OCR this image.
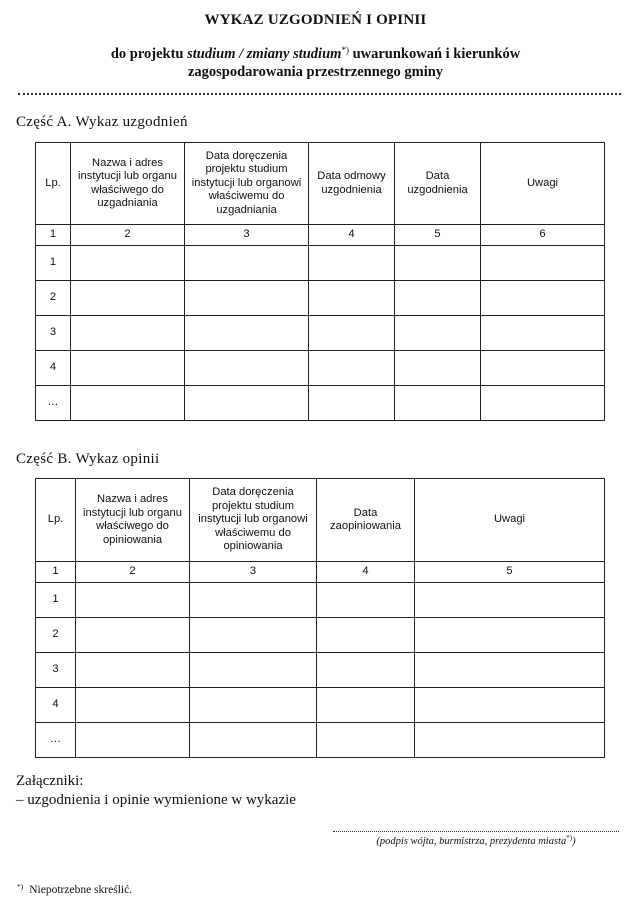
WYKAZ UZGODNIEŃ I OPINII
do projektu studium / zmiany studium*) uwarunkowań i kierunków
zagospodarowania przestrzennego gminy
Część A. Wykaz uzgodnień
Lp.	Nazwa i adres instytucji lub organu właściwego do uzgadniania	Data doręczenia projektu studium instytucji lub organowi właściwemu do uzgadniania	Data odmowy uzgodnienia	Data uzgodnienia	Uwagi
1	2	3	4	5	6
1					
2					
3					
4					
…					
Część B. Wykaz opinii
Lp.	Nazwa i adres instytucji lub organu właściwego do opiniowania	Data doręczenia projektu studium instytucji lub organowi właściwemu do opiniowania	Data zaopiniowania	Uwagi
1	2	3	4	5
1				
2				
3				
4				
…				
Załączniki:
– uzgodnienia i opinie wymienione w wykazie
(podpis wójta, burmistrza, prezydenta miasta*))
*) Niepotrzebne skreślić.
